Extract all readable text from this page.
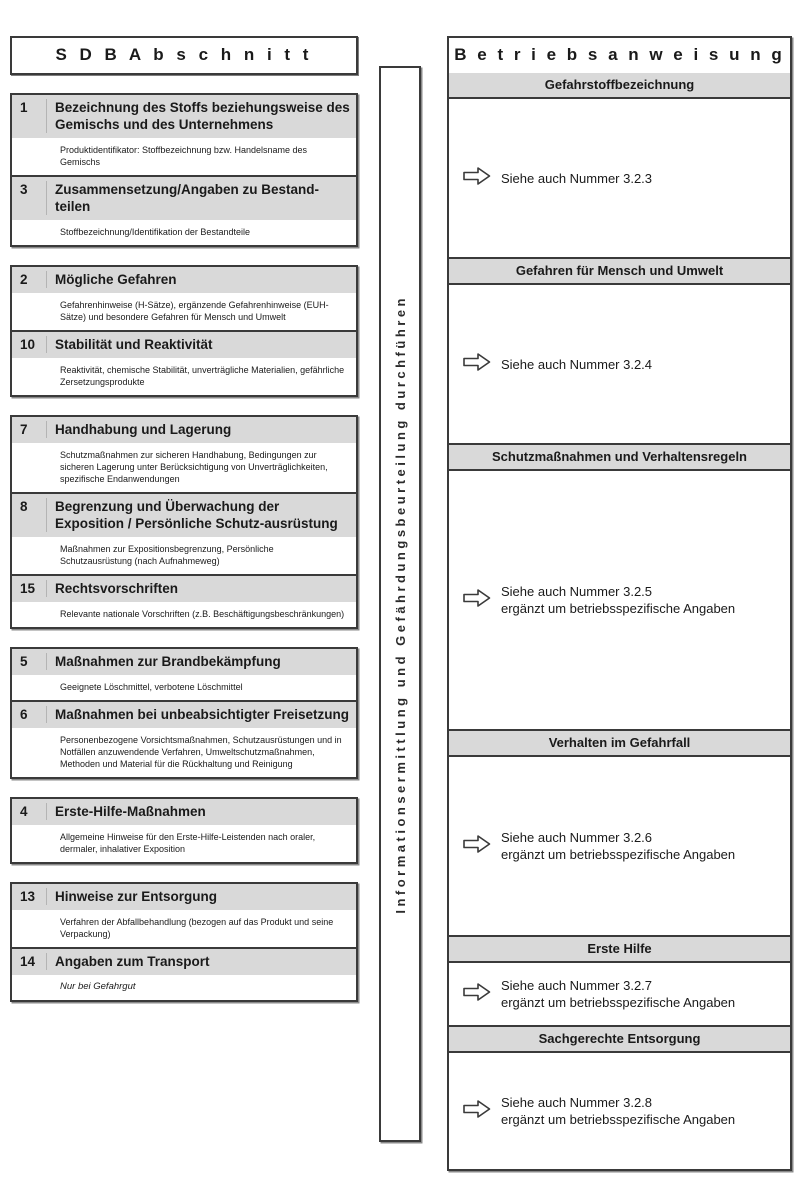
S D B A b s c h n i t t
1	Bezeichnung des Stoffs beziehungsweise des Gemischs und des Unternehmens
Produktidentifikator: Stoffbezeichnung bzw. Handelsname des Gemischs
3	Zusammensetzung/Angaben zu Bestand-teilen
Stoffbezeichnung/Identifikation der Bestandteile
2	Mögliche Gefahren
Gefahrenhinweise (H-Sätze), ergänzende Gefahrenhinweise (EUH-Sätze) und besondere Gefahren für Mensch und Umwelt
10	Stabilität und Reaktivität
Reaktivität, chemische Stabilität, unverträgliche Materialien, gefährliche Zersetzungsprodukte
7	Handhabung und Lagerung
Schutzmaßnahmen zur sicheren Handhabung, Bedingungen zur sicheren Lagerung unter Berücksichtigung von Unverträglichkeiten, spezifische Endanwendungen
8	Begrenzung und Überwachung der Exposition / Persönliche Schutz-ausrüstung
Maßnahmen zur Expositionsbegrenzung, Persönliche Schutzausrüstung (nach Aufnahmeweg)
15	Rechtsvorschriften
Relevante nationale Vorschriften (z.B. Beschäftigungsbeschränkungen)
5	Maßnahmen zur Brandbekämpfung
Geeignete Löschmittel, verbotene Löschmittel
6	Maßnahmen bei unbeabsichtigter Freisetzung
Personenbezogene Vorsichtsmaßnahmen, Schutzausrüstungen und in Notfällen anzuwendende Verfahren, Umweltschutzmaßnahmen, Methoden und Material für die Rückhaltung und Reinigung
4	Erste-Hilfe-Maßnahmen
Allgemeine Hinweise für den Erste-Hilfe-Leistenden nach oraler, dermaler, inhalativer Exposition
13	Hinweise zur Entsorgung
Verfahren der Abfallbehandlung (bezogen auf das Produkt und seine Verpackung)
14	Angaben zum Transport
Nur bei Gefahrgut
Informationsermittlung und Gefährdungsbeurteilung durchführen
B e t r i e b s a n w e i s u n g
Gefahrstoffbezeichnung
Siehe auch Nummer 3.2.3
Gefahren für Mensch und Umwelt
Siehe auch Nummer 3.2.4
Schutzmaßnahmen und Verhaltensregeln
Siehe auch Nummer 3.2.5
ergänzt um betriebsspezifische Angaben
Verhalten im Gefahrfall
Siehe auch Nummer 3.2.6
ergänzt um betriebsspezifische Angaben
Erste Hilfe
Siehe auch Nummer 3.2.7
ergänzt um betriebsspezifische Angaben
Sachgerechte Entsorgung
Siehe auch Nummer 3.2.8
ergänzt um betriebsspezifische Angaben
